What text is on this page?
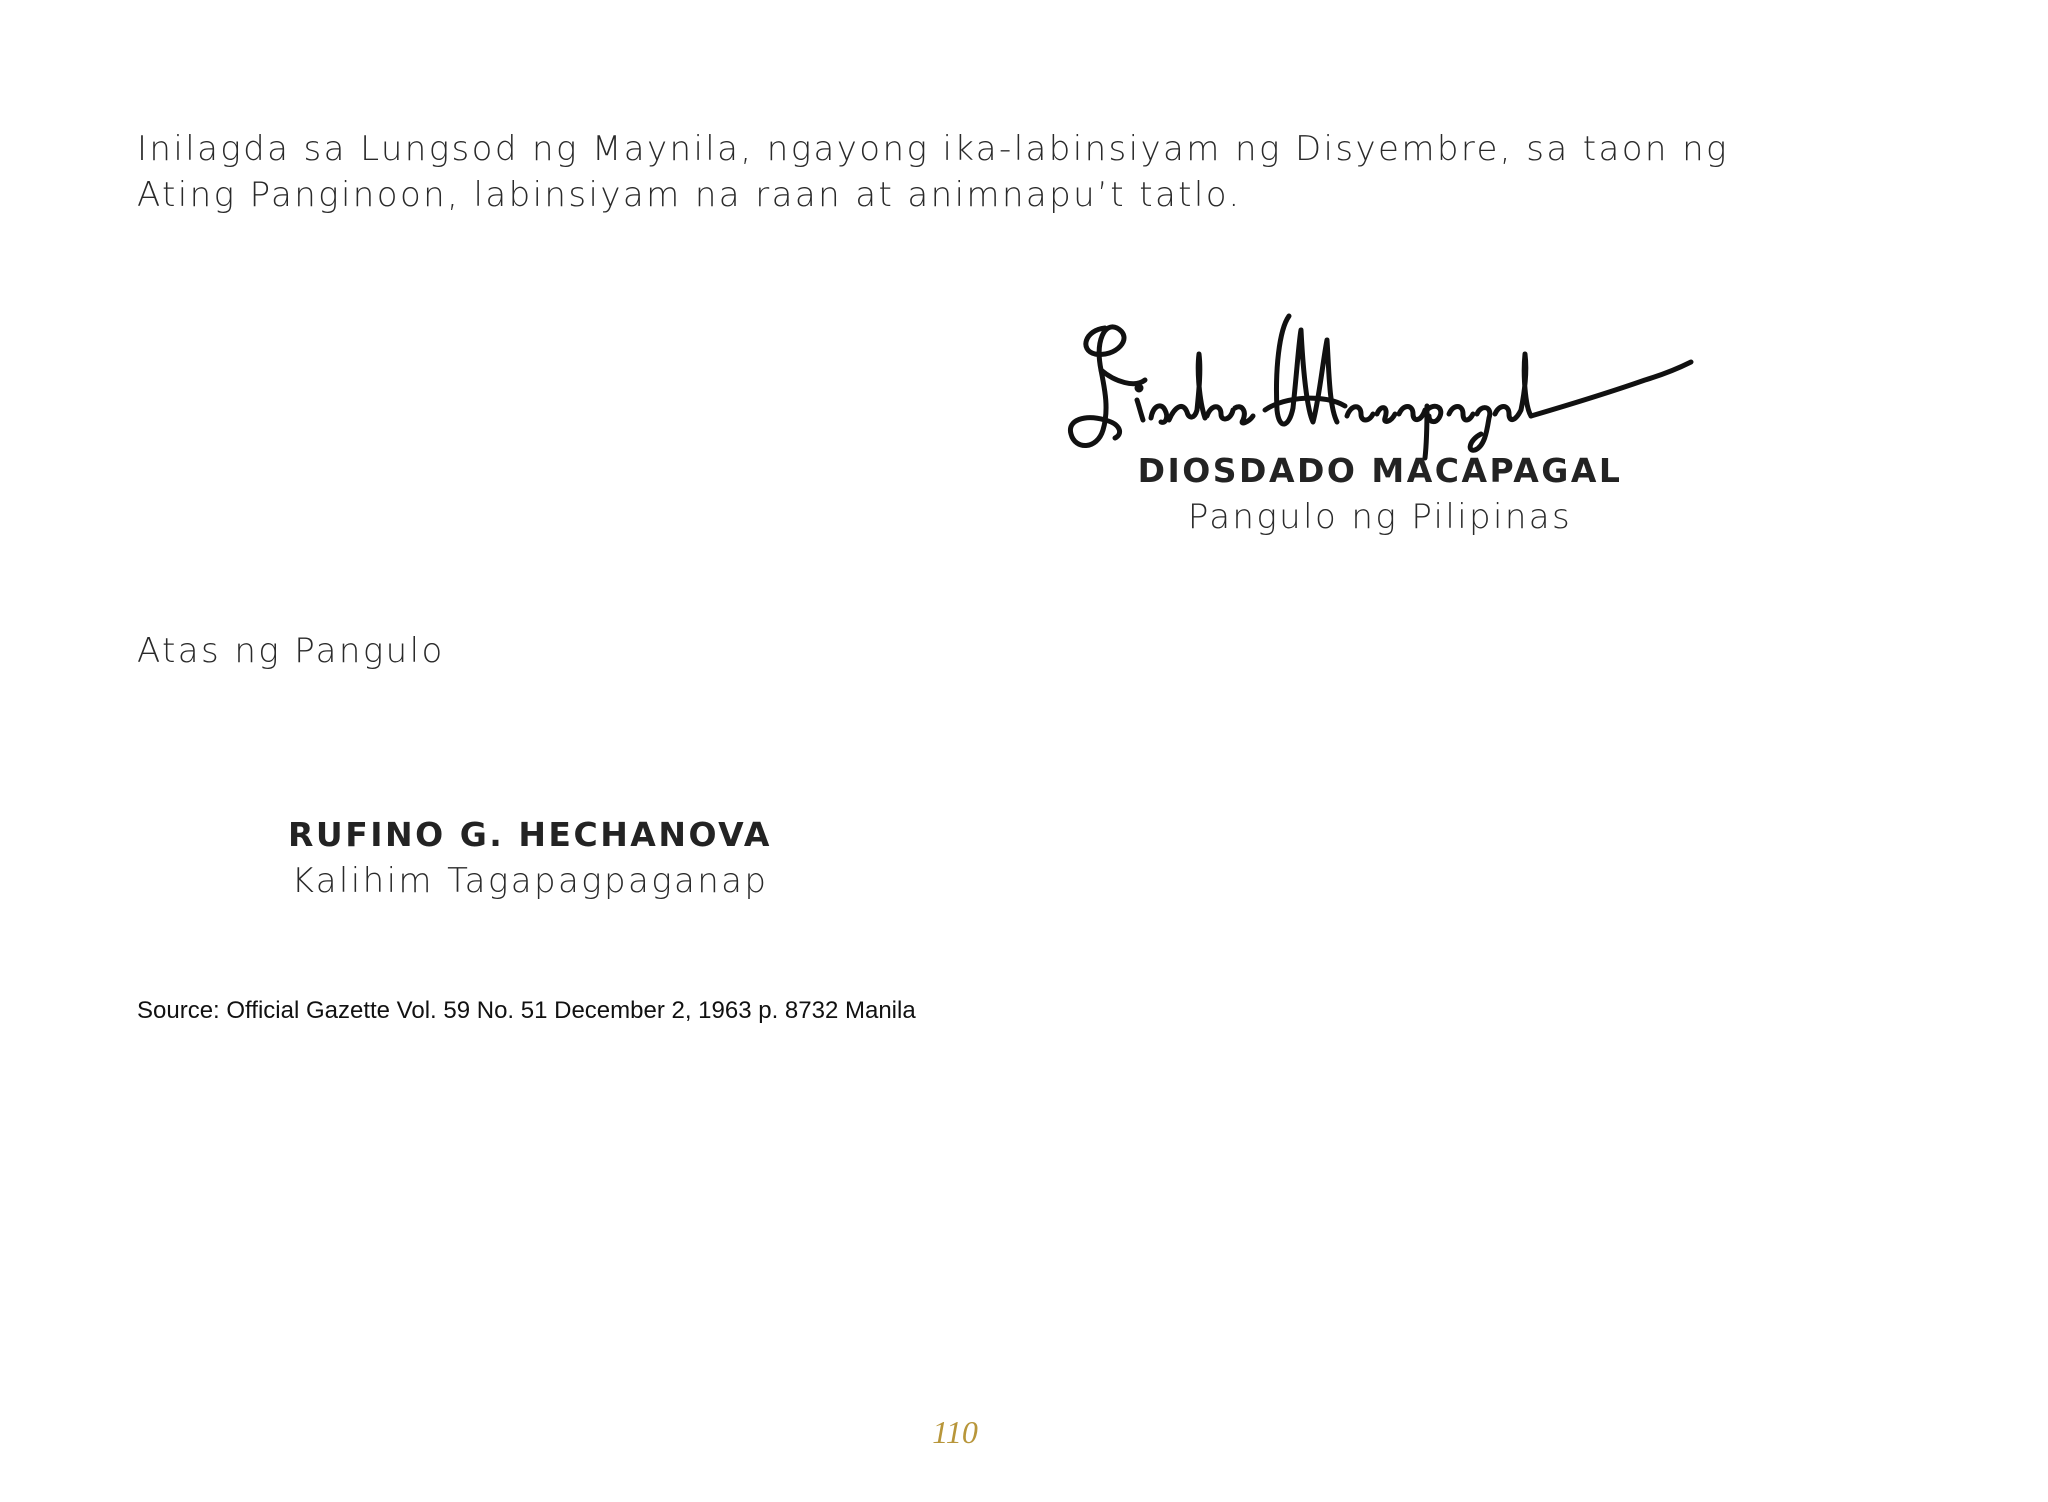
Inilagda sa Lungsod ng Maynila, ngayong ika-labinsiyam ng Disyembre, sa taon ng
Ating Panginoon, labinsiyam na raan at animnapu’t tatlo.

DIOSDADO MACAPAGAL
Pangulo ng Pilipinas
Atas ng Pangulo
RUFINO G. HECHANOVA
Kalihim Tagapagpaganap
Source: Official Gazette Vol. 59 No. 51 December 2, 1963 p. 8732 Manila
110
